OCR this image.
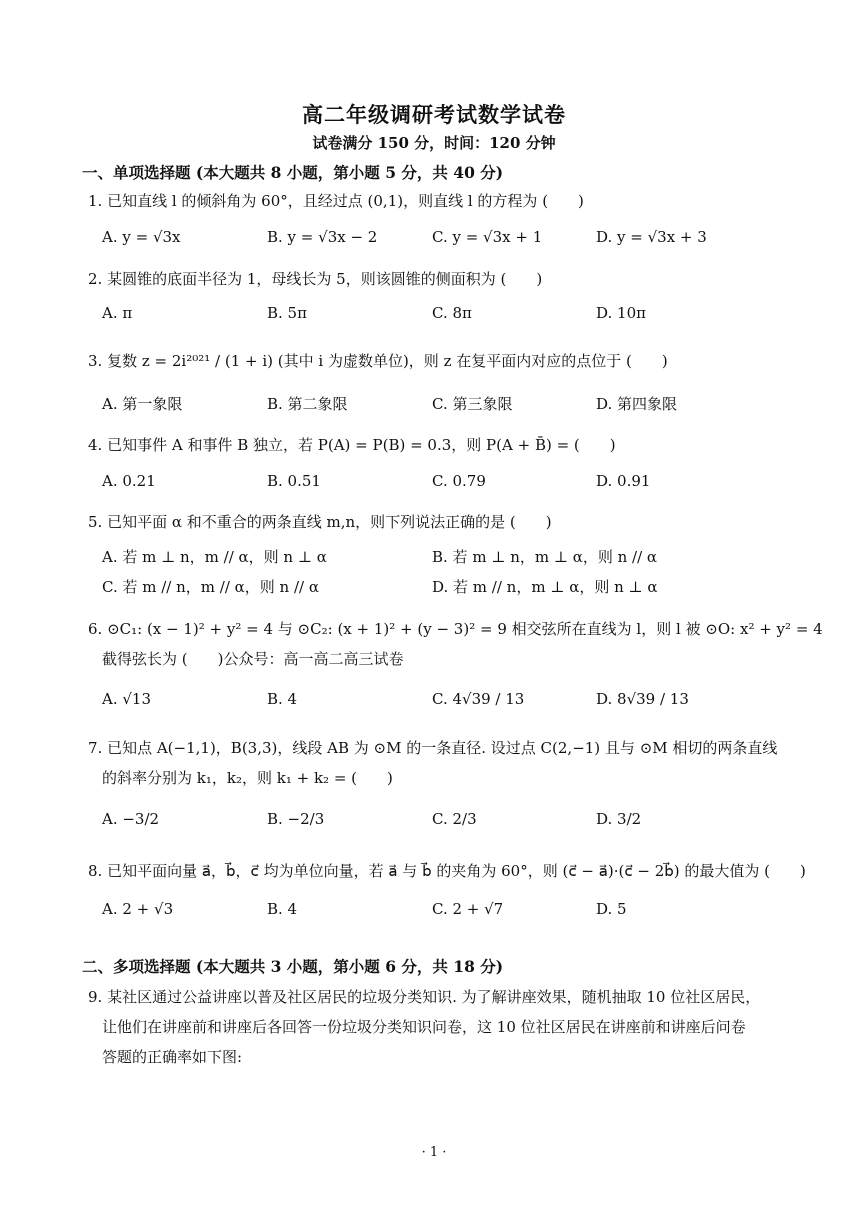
高二年级调研考试数学试卷
试卷满分 150 分，时间：120 分钟
一、单项选择题 (本大题共 8 小题，第小题 5 分，共 40 分)
1. 已知直线 l 的倾斜角为 60°，且经过点 (0,1)，则直线 l 的方程为 (　　)
A. y = √3x	B. y = √3x − 2	C. y = √3x + 1	D. y = √3x + 3
2. 某圆锥的底面半径为 1，母线长为 5，则该圆锥的侧面积为 (　　)
A. π	B. 5π	C. 8π	D. 10π
3. 复数 z = 2i²⁰²¹ / (1 + i) (其中 i 为虚数单位)，则 z 在复平面内对应的点位于 (　　)
A. 第一象限	B. 第二象限	C. 第三象限	D. 第四象限
4. 已知事件 A 和事件 B 独立，若 P(A) = P(B) = 0.3，则 P(A + B̄) = (　　)
A. 0.21	B. 0.51	C. 0.79	D. 0.91
5. 已知平面 α 和不重合的两条直线 m,n，则下列说法正确的是 (　　)
A. 若 m ⊥ n，m // α，则 n ⊥ α	B. 若 m ⊥ n，m ⊥ α，则 n // α
C. 若 m // n，m // α，则 n // α	D. 若 m // n，m ⊥ α，则 n ⊥ α
6. ⊙C₁: (x − 1)² + y² = 4 与 ⊙C₂: (x + 1)² + (y − 3)² = 9 相交弦所在直线为 l，则 l 被 ⊙O: x² + y² = 4
截得弦长为 (　　)公众号：高一高二高三试卷
A. √13	B. 4	C. 4√39 / 13	D. 8√39 / 13
7. 已知点 A(−1,1)，B(3,3)，线段 AB 为 ⊙M 的一条直径. 设过点 C(2,−1) 且与 ⊙M 相切的两条直线
的斜率分别为 k₁，k₂，则 k₁ + k₂ = (　　)
A. −3/2	B. −2/3	C. 2/3	D. 3/2
8. 已知平面向量 a⃗，b⃗，c⃗ 均为单位向量，若 a⃗ 与 b⃗ 的夹角为 60°，则 (c⃗ − a⃗)·(c⃗ − 2b⃗) 的最大值为 (　　)
A. 2 + √3	B. 4	C. 2 + √7	D. 5
二、多项选择题 (本大题共 3 小题，第小题 6 分，共 18 分)
9. 某社区通过公益讲座以普及社区居民的垃圾分类知识. 为了解讲座效果，随机抽取 10 位社区居民，
让他们在讲座前和讲座后各回答一份垃圾分类知识问卷，这 10 位社区居民在讲座前和讲座后问卷
答题的正确率如下图:
· 1 ·
